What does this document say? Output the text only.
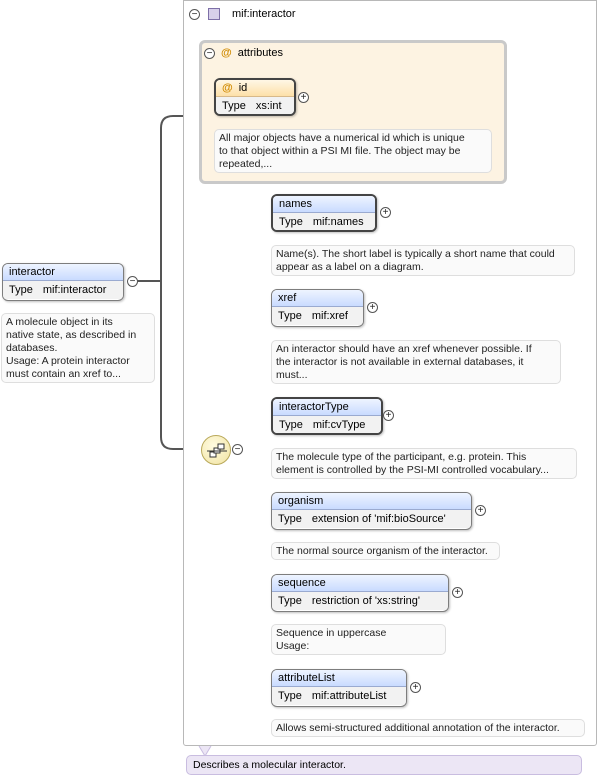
interactor
Type mif:interactor
−
A molecule object in its
native state, as described in
databases.
Usage: A protein interactor
must contain an xref to...
−	mif:interactor
− @ attributes
@ id
Type xs:int
+
All major objects have a numerical id which is unique
to that object within a PSI MI file. The object may be
repeated,...
−
names
Type mif:names
+
Name(s). The short label is typically a short name that could
appear as a label on a diagram.
xref
Type mif:xref
+
An interactor should have an xref whenever possible. If
the interactor is not available in external databases, it
must...
interactorType
Type mif:cvType
+
The molecule type of the participant, e.g. protein. This
element is controlled by the PSI-MI controlled vocabulary...
organism
Type extension of 'mif:bioSource'
+
The normal source organism of the interactor.
sequence
Type restriction of 'xs:string'
+
Sequence in uppercase
Usage:
attributeList
Type mif:attributeList
+
Allows semi-structured additional annotation of the interactor.
Describes a molecular interactor.
